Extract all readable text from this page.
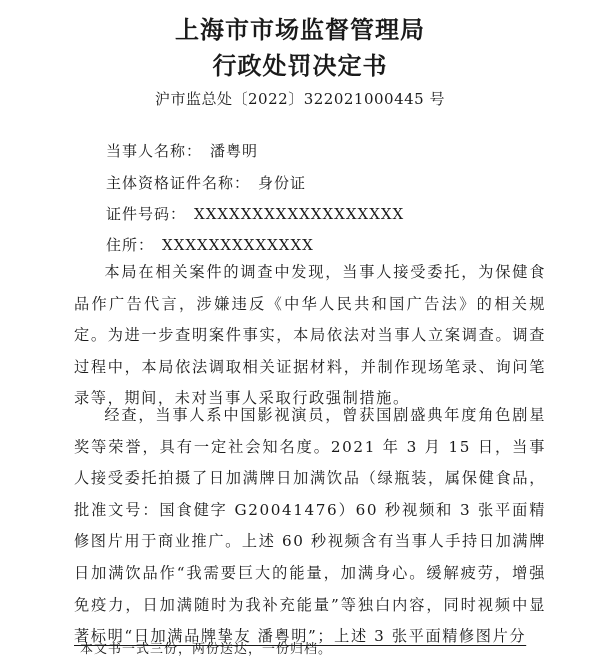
上海市市场监督管理局
行政处罚决定书
沪市监总处〔2022〕322021000445 号
当事人名称： 潘粤明
主体资格证件名称： 身份证
证件号码： XXXXXXXXXXXXXXXXXX
住所： XXXXXXXXXXXXX

本局在相关案件的调查中发现，当事人接受委托，为保健食品作广告代言，涉嫌违反《中华人民共和国广告法》的相关规定。为进一步查明案件事实，本局依法对当事人立案调查。调查过程中，本局依法调取相关证据材料，并制作现场笔录、询问笔录等，期间，未对当事人采取行政强制措施。

经查，当事人系中国影视演员，曾获国剧盛典年度角色剧星奖等荣誉，具有一定社会知名度。2021 年 3 月 15 日，当事人接受委托拍摄了日加满牌日加满饮品（绿瓶装，属保健食品，批准文号：国食健字 G20041476）60 秒视频和 3 张平面精修图片用于商业推广。上述 60 秒视频含有当事人手持日加满牌日加满饮品作“我需要巨大的能量，加满身心。缓解疲劳，增强免疫力，日加满随时为我补充能量”等独白内容，同时视频中显著标明“日加满品牌挚友 潘粤明”；上述 3 张平面精修图片分

本文书一式三份，两份送达，一份归档。
